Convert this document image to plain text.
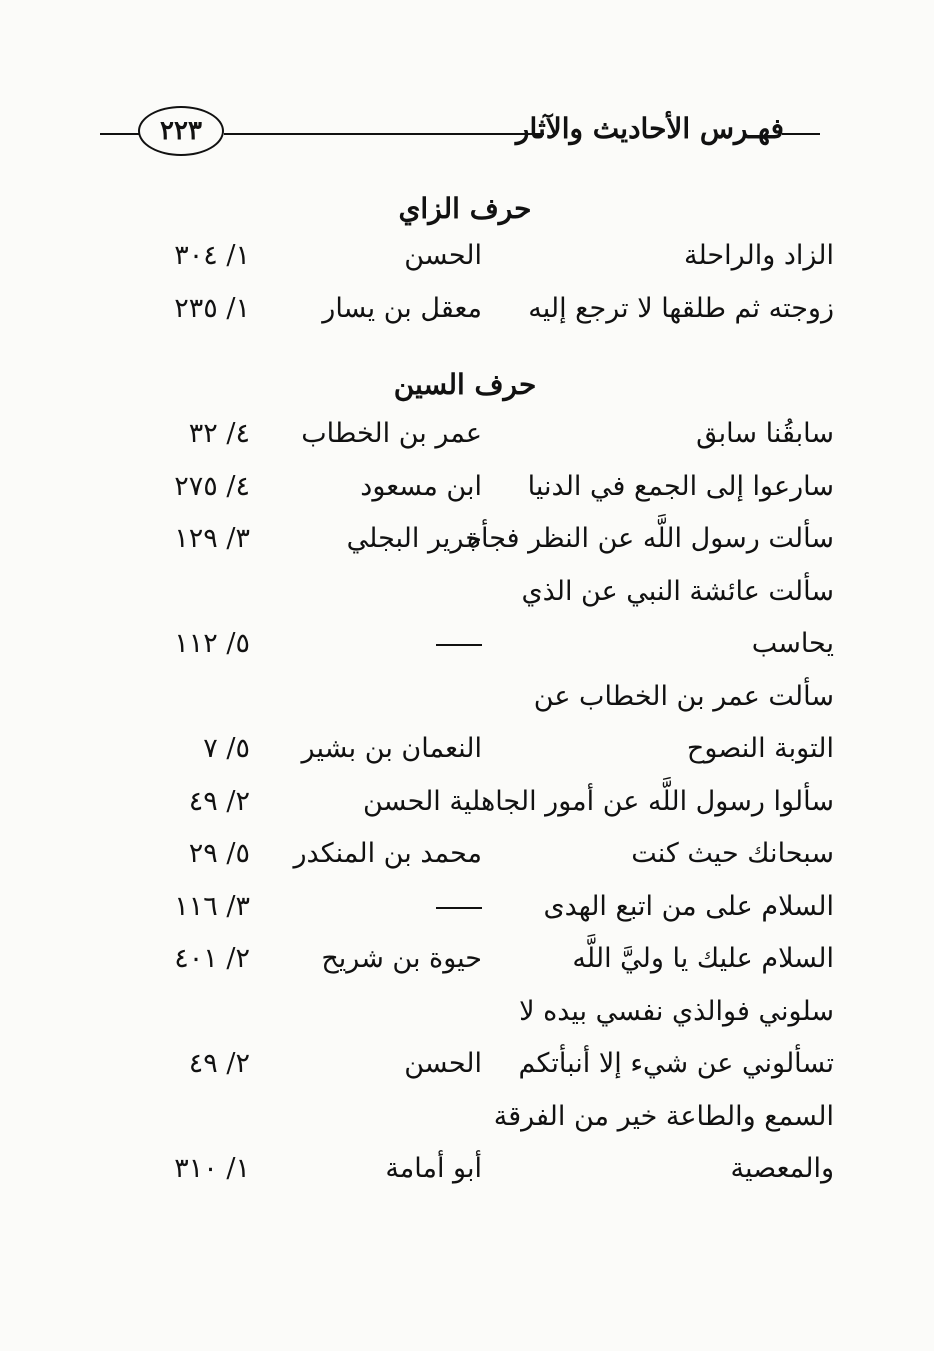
٢٢٣	فهـرس الأحاديث والآثار
حرف الزاي
الزاد والراحلة
الحسن
١/ ٣٠٤
زوجته ثم طلقها لا ترجع إليه
معقل بن يسار
١/ ٢٣٥
حرف السين
سابقُنا سابق
عمر بن الخطاب
٤/ ٣٢
سارعوا إلى الجمع في الدنيا
ابن مسعود
٤/ ٢٧٥
سألت رسول اللَّه عن النظر فجأة
جرير البجلي
٣/ ١٢٩
سألت عائشة النبي عن الذي
يحاسب
٥/ ١١٢
سألت عمر بن الخطاب عن
التوبة النصوح
النعمان بن بشير
٥/ ٧
سألوا رسول اللَّه عن أمور الجاهلية الحسن
٢/ ٤٩
سبحانك حيث كنت
محمد بن المنكدر
٥/ ٢٩
السلام على من اتبع الهدى
٣/ ١١٦
السلام عليك يا وليَّ اللَّه
حيوة بن شريح
٢/ ٤٠١
سلوني فوالذي نفسي بيده لا
تسألوني عن شيء إلا أنبأتكم
الحسن
٢/ ٤٩
السمع والطاعة خير من الفرقة
والمعصية
أبو أمامة
١/ ٣١٠
